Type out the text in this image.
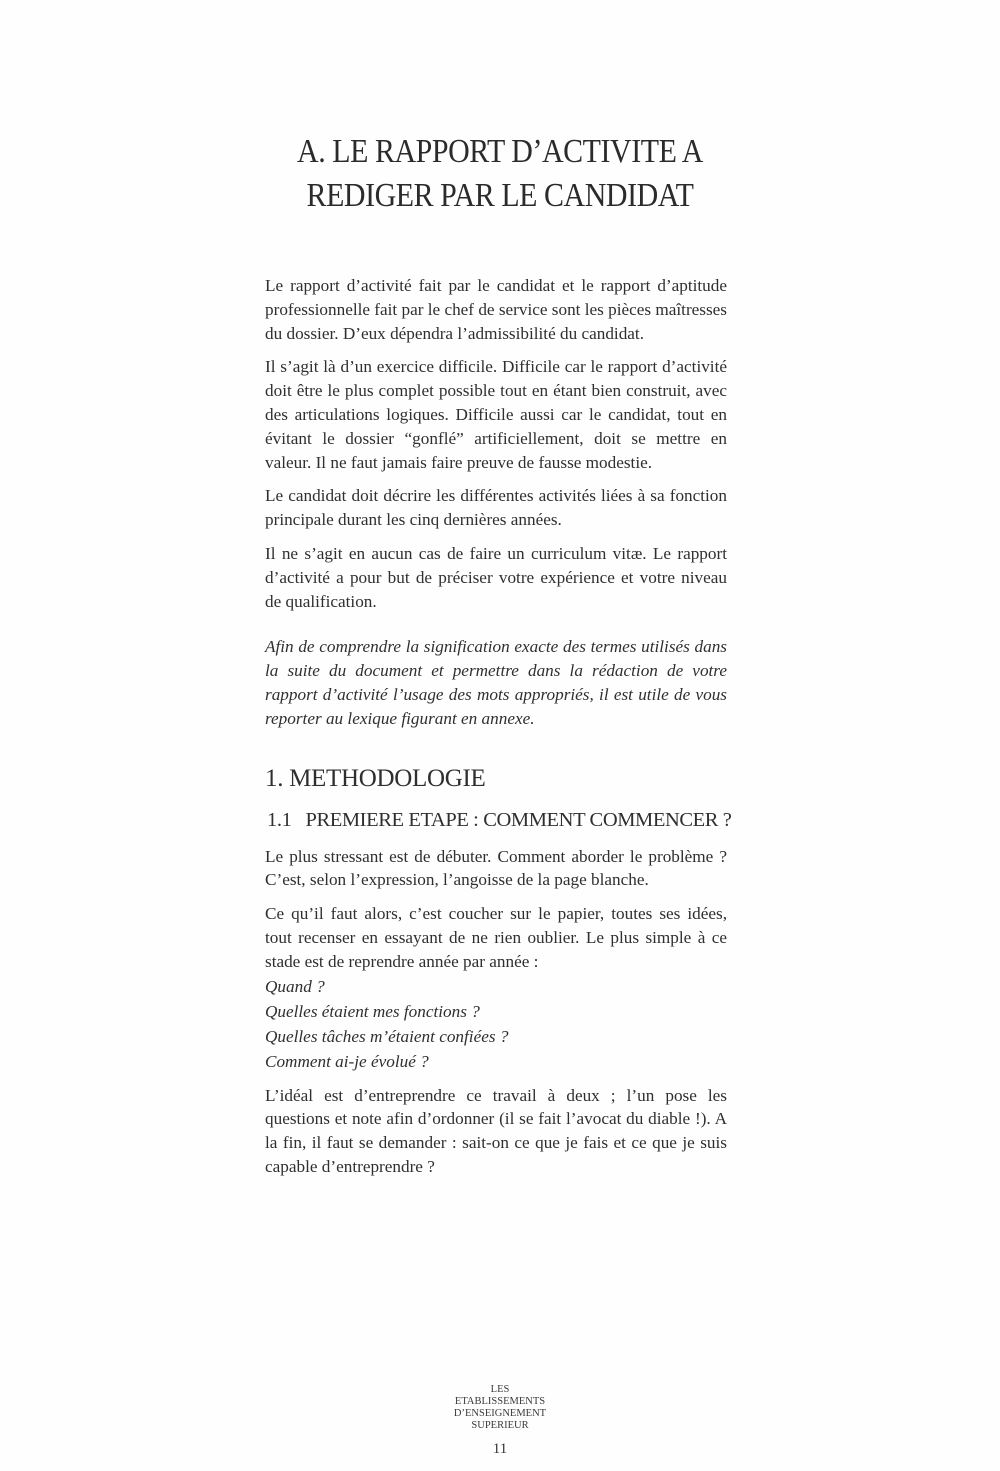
A. LE RAPPORT D’ACTIVITE A
REDIGER PAR LE CANDIDAT

Le rapport d’activité fait par le candidat et le rapport d’aptitude professionnelle fait par le chef de service sont les pièces maîtresses du dossier. D’eux dépendra l’admissibilité du candidat.

Il s’agit là d’un exercice difficile. Difficile car le rapport d’activité doit être le plus complet possible tout en étant bien construit, avec des articulations logiques. Difficile aussi car le candidat, tout en évitant le dossier “gonflé” artificiellement, doit se mettre en valeur. Il ne faut jamais faire preuve de fausse modestie.

Le candidat doit décrire les différentes activités liées à sa fonction principale durant les cinq dernières années.

Il ne s’agit en aucun cas de faire un curriculum vitæ. Le rapport d’activité a pour but de préciser votre expérience et votre niveau de qualification.

Afin de comprendre la signification exacte des termes utilisés dans la suite du document et permettre dans la rédaction de votre rapport d’activité l’usage des mots appropriés, il est utile de vous reporter au lexique figurant en annexe.

1. METHODOLOGIE
1.1 PREMIERE ETAPE : COMMENT COMMENCER ?

Le plus stressant est de débuter. Comment aborder le problème ? C’est, selon l’expression, l’angoisse de la page blanche.

Ce qu’il faut alors, c’est coucher sur le papier, toutes ses idées, tout recenser en essayant de ne rien oublier. Le plus simple à ce stade est de reprendre année par année :

Quand ?
Quelles étaient mes fonctions ?
Quelles tâches m’étaient confiées ?
Comment ai-je évolué ?

L’idéal est d’entreprendre ce travail à deux ; l’un pose les questions et note afin d’ordonner (il se fait l’avocat du diable !). A la fin, il faut se demander : sait-on ce que je fais et ce que je suis capable d’entreprendre ?

LES
ETABLISSEMENTS
D’ENSEIGNEMENT
SUPERIEUR
11
